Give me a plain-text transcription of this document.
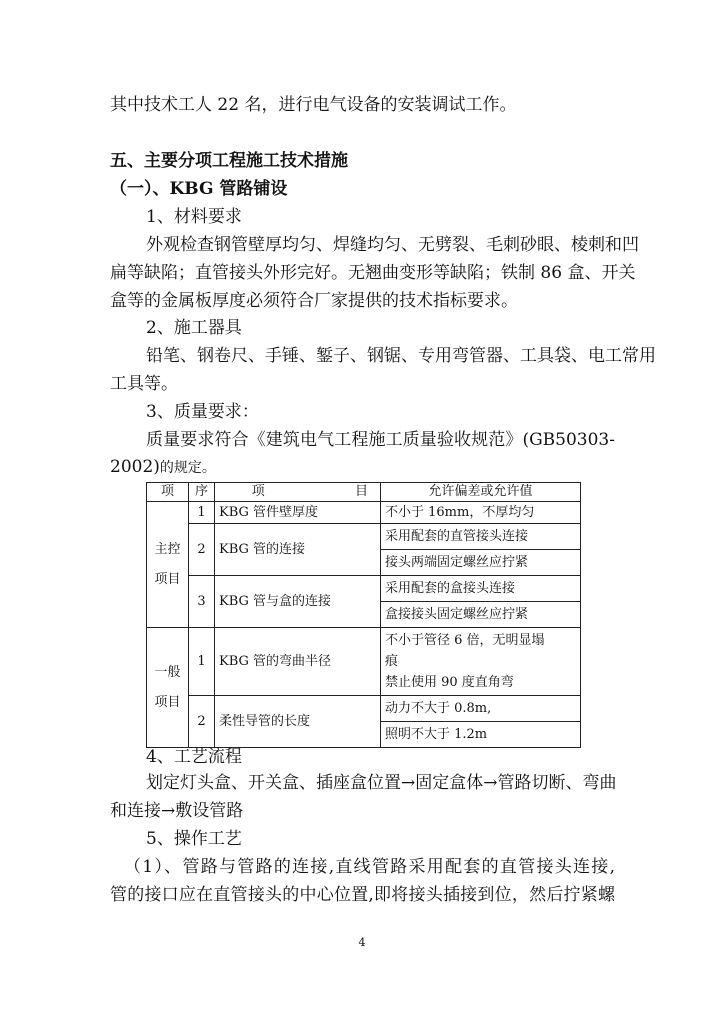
其中技术工人 22 名，进行电气设备的安装调试工作。
五、主要分项工程施工技术措施
（一）、KBG 管路铺设
1、材料要求
外观检查钢管壁厚均匀、焊缝均匀、无劈裂、毛刺砂眼、棱刺和凹
扁等缺陷；直管接头外形完好。无翘曲变形等缺陷；铁制 86 盒、开关
盒等的金属板厚度必须符合厂家提供的技术指标要求。
2、施工器具
铅笔、钢卷尺、手锤、錾子、钢锯、专用弯管器、工具袋、电工常用
工具等。
3、质量要求：
质量要求符合《建筑电气工程施工质量验收规范》(GB50303-
2002)的规定。
项	序	项 目	允许偏差或允许值
主控
项目	1	KBG 管件壁厚度	不小于 16mm，不厚均匀
	2	KBG 管的连接	采用配套的直管接头连接
接头两端固定螺丝应拧紧

	3	KBG 管与盒的连接	采用配套的盒接头连接
盒接接头固定螺丝应拧紧

一般
项目	1	KBG 管的弯曲半径	不小于管径 6 倍，无明显塌
痕
禁止使用 90 度直角弯
	2	柔性导管的长度	动力不大于 0.8m,
照明不大于 1.2m
4、工艺流程
划定灯头盒、开关盒、插座盒位置→固定盒体→管路切断、弯曲
和连接→敷设管路
5、操作工艺
（1）、管路与管路的连接,直线管路采用配套的直管接头连接,
管的接口应在直管接头的中心位置,即将接头插接到位，然后拧紧螺
4
